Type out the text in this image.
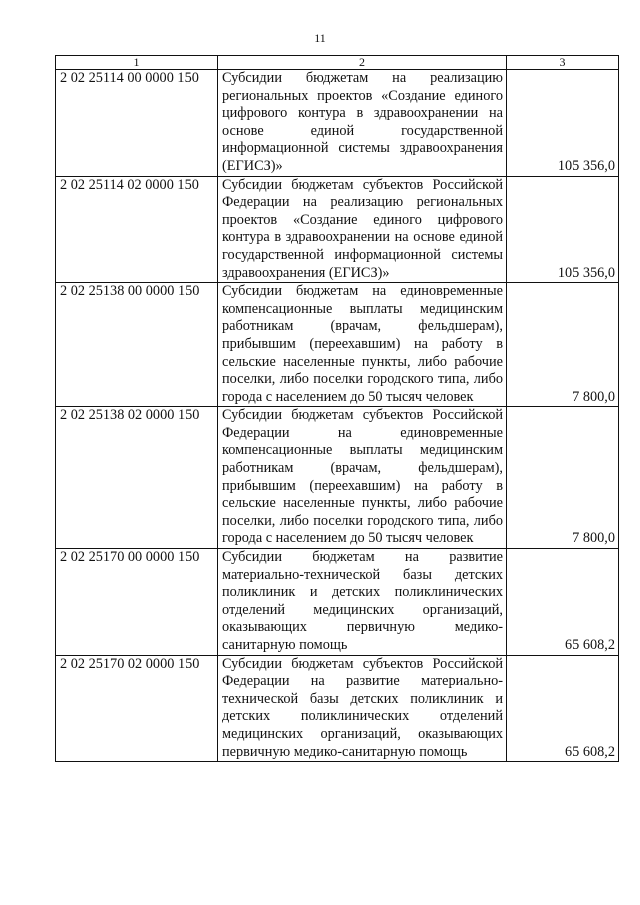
11
1	2	3
2 02 25114 00 0000 150	Субсидии бюджетам на реализацию региональных проектов «Создание единого цифрового контура в здравоохранении на основе единой государственной информационной системы здравоохранения (ЕГИСЗ)»	105 356,0
2 02 25114 02 0000 150	Субсидии бюджетам субъектов Российской Федерации на реализацию региональных проектов «Создание единого цифрового контура в здравоохранении на основе единой государственной информационной системы здравоохранения (ЕГИСЗ)»	105 356,0
2 02 25138 00 0000 150	Субсидии бюджетам на единовременные компенсационные выплаты медицинским работникам (врачам, фельдшерам), прибывшим (переехавшим) на работу в сельские населенные пункты, либо рабочие поселки, либо поселки городского типа, либо города с населением до 50 тысяч человек	7 800,0
2 02 25138 02 0000 150	Субсидии бюджетам субъектов Российской Федерации на единовременные компенсационные выплаты медицинским работникам (врачам, фельдшерам), прибывшим (переехавшим) на работу в сельские населенные пункты, либо рабочие поселки, либо поселки городского типа, либо города с населением до 50 тысяч человек	7 800,0
2 02 25170 00 0000 150	Субсидии бюджетам на развитие материально-технической базы детских поликлиник и детских поликлинических отделений медицинских организаций, оказывающих первичную медико-санитарную помощь	65 608,2
2 02 25170 02 0000 150	Субсидии бюджетам субъектов Российской Федерации на развитие материально-технической базы детских поликлиник и детских поликлинических отделений медицинских организаций, оказывающих первичную медико-санитарную помощь	65 608,2
